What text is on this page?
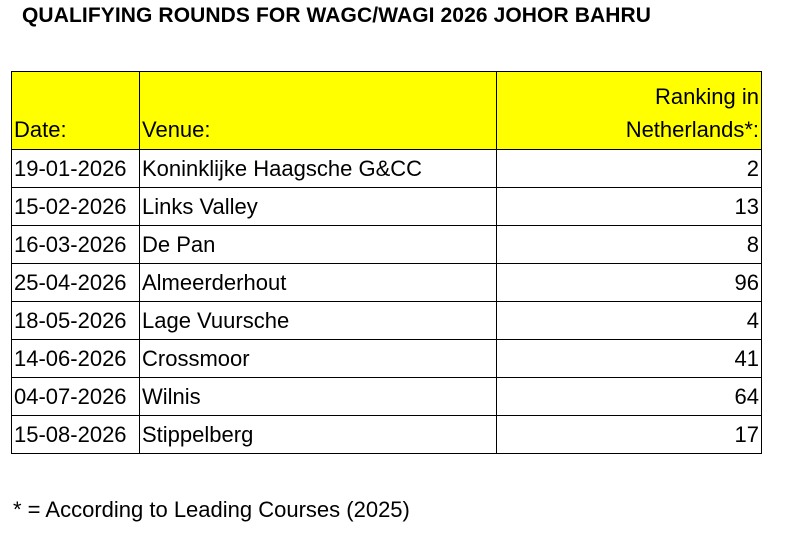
QUALIFYING ROUNDS FOR WAGC/WAGI 2026 JOHOR BAHRU
Date:	Venue:	Ranking in
Netherlands*:
19-01-2026	Koninklijke Haagsche G&CC	2
15-02-2026	Links Valley	13
16-03-2026	De Pan	8
25-04-2026	Almeerderhout	96
18-05-2026	Lage Vuursche	4
14-06-2026	Crossmoor	41
04-07-2026	Wilnis	64
15-08-2026	Stippelberg	17
* = According to Leading Courses (2025)
